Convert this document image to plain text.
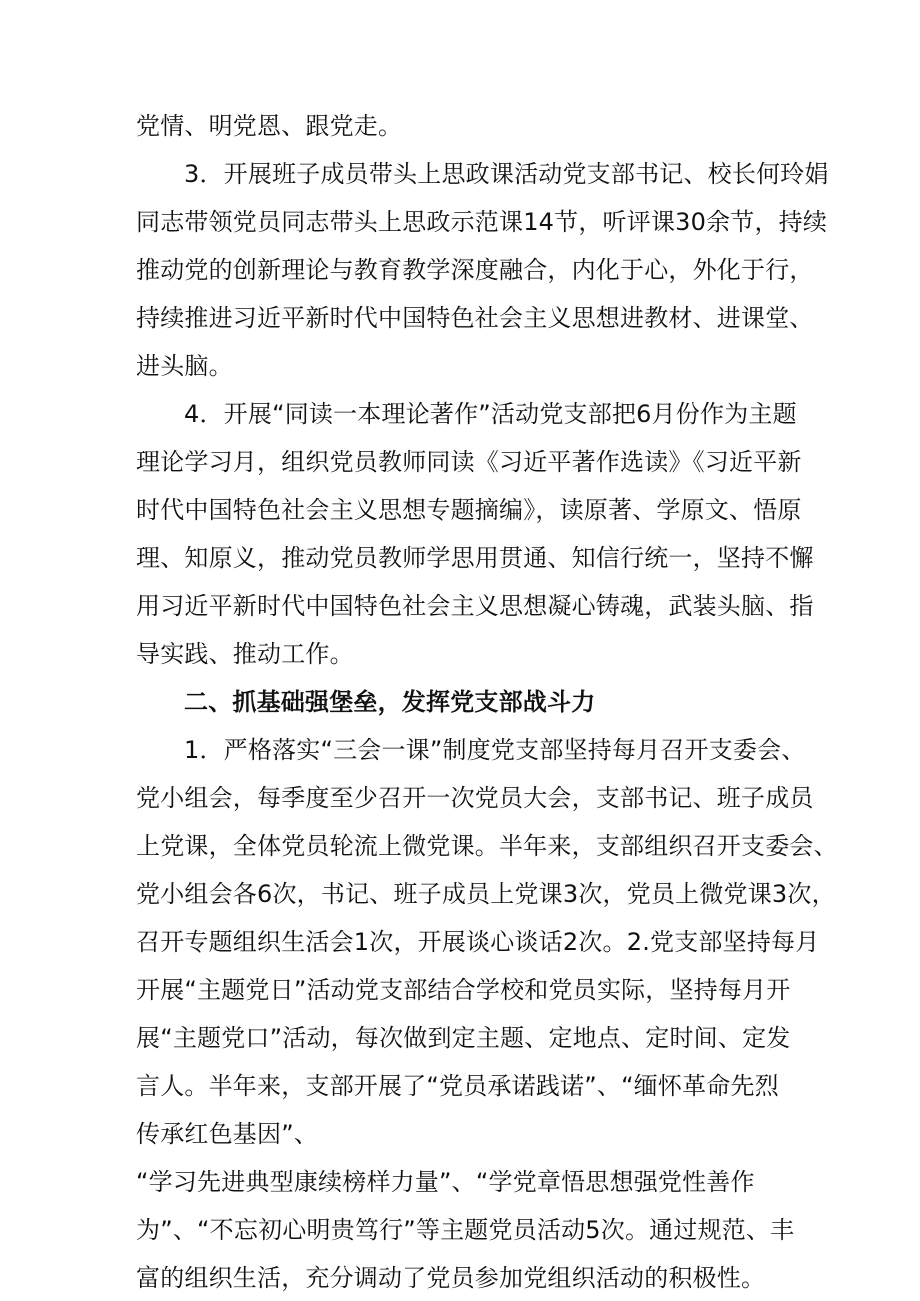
党情、明党恩、跟党走。
3．开展班子成员带头上思政课活动党支部书记、校长何玲娟
同志带领党员同志带头上思政示范课14节，听评课30余节，持续
推动党的创新理论与教育教学深度融合，内化于心，外化于行，
持续推进习近平新时代中国特色社会主义思想进教材、进课堂、
进头脑。
4．开展“同读一本理论著作”活动党支部把6月份作为主题
理论学习月，组织党员教师同读《习近平著作选读》《习近平新
时代中国特色社会主义思想专题摘编》，读原著、学原文、悟原
理、知原义，推动党员教师学思用贯通、知信行统一，坚持不懈
用习近平新时代中国特色社会主义思想凝心铸魂，武装头脑、指
导实践、推动工作。
二、抓基础强堡垒，发挥党支部战斗力
1．严格落实“三会一课”制度党支部坚持每月召开支委会、
党小组会，每季度至少召开一次党员大会，支部书记、班子成员
上党课，全体党员轮流上微党课。半年来，支部组织召开支委会、
党小组会各6次，书记、班子成员上党课3次，党员上微党课3次，
召开专题组织生活会1次，开展谈心谈话2次。2.党支部坚持每月
开展“主题党日”活动党支部结合学校和党员实际，坚持每月开
展“主题党口”活动，每次做到定主题、定地点、定时间、定发
言人。半年来，支部开展了“党员承诺践诺”、“缅怀革命先烈
传承红色基因”、
“学习先进典型康续榜样力量”、“学党章悟思想强党性善作
为”、“不忘初心明贵笃行”等主题党员活动5次。通过规范、丰
富的组织生活，充分调动了党员参加党组织活动的积极性。
